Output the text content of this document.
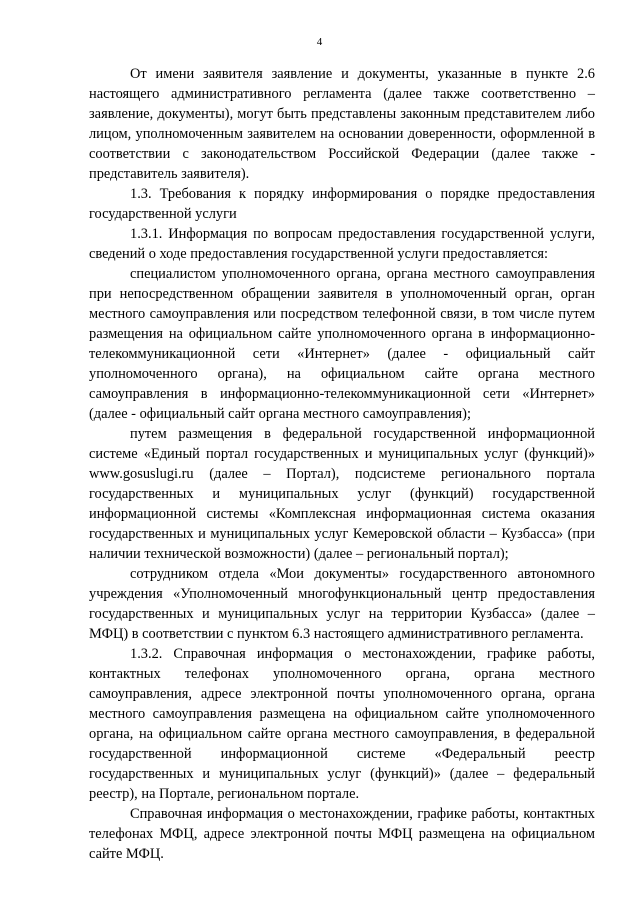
4

От имени заявителя заявление и документы, указанные в пункте 2.6 настоящего административного регламента (далее также соответственно – заявление, документы), могут быть представлены законным представителем либо лицом, уполномоченным заявителем на основании доверенности, оформленной в соответствии с законодательством Российской Федерации (далее также - представитель заявителя).

1.3. Требования к порядку информирования о порядке предоставления государственной услуги

1.3.1. Информация по вопросам предоставления государственной услуги, сведений о ходе предоставления государственной услуги предоставляется:

специалистом уполномоченного органа, органа местного самоуправления при непосредственном обращении заявителя в уполномоченный орган, орган местного самоуправления или посредством телефонной связи, в том числе путем размещения на официальном сайте уполномоченного органа в информационно-телекоммуникационной сети «Интернет» (далее - официальный сайт уполномоченного органа), на официальном сайте органа местного самоуправления в информационно-телекоммуникационной сети «Интернет» (далее - официальный сайт органа местного самоуправления);

путем размещения в федеральной государственной информационной системе «Единый портал государственных и муниципальных услуг (функций)» www.gosuslugi.ru (далее – Портал), подсистеме регионального портала государственных и муниципальных услуг (функций) государственной информационной системы «Комплексная информационная система оказания государственных и муниципальных услуг Кемеровской области – Кузбасса» (при наличии технической возможности) (далее – региональный портал);

сотрудником отдела «Мои документы» государственного автономного учреждения «Уполномоченный многофункциональный центр предоставления государственных и муниципальных услуг на территории Кузбасса» (далее – МФЦ) в соответствии с пунктом 6.3 настоящего административного регламента.

1.3.2. Справочная информация о местонахождении, графике работы, контактных телефонах уполномоченного органа, органа местного самоуправления, адресе электронной почты уполномоченного органа, органа местного самоуправления размещена на официальном сайте уполномоченного органа, на официальном сайте органа местного самоуправления, в федеральной государственной информационной системе «Федеральный реестр государственных и муниципальных услуг (функций)» (далее – федеральный реестр), на Портале, региональном портале.

Справочная информация о местонахождении, графике работы, контактных телефонах МФЦ, адресе электронной почты МФЦ размещена на официальном сайте МФЦ.
